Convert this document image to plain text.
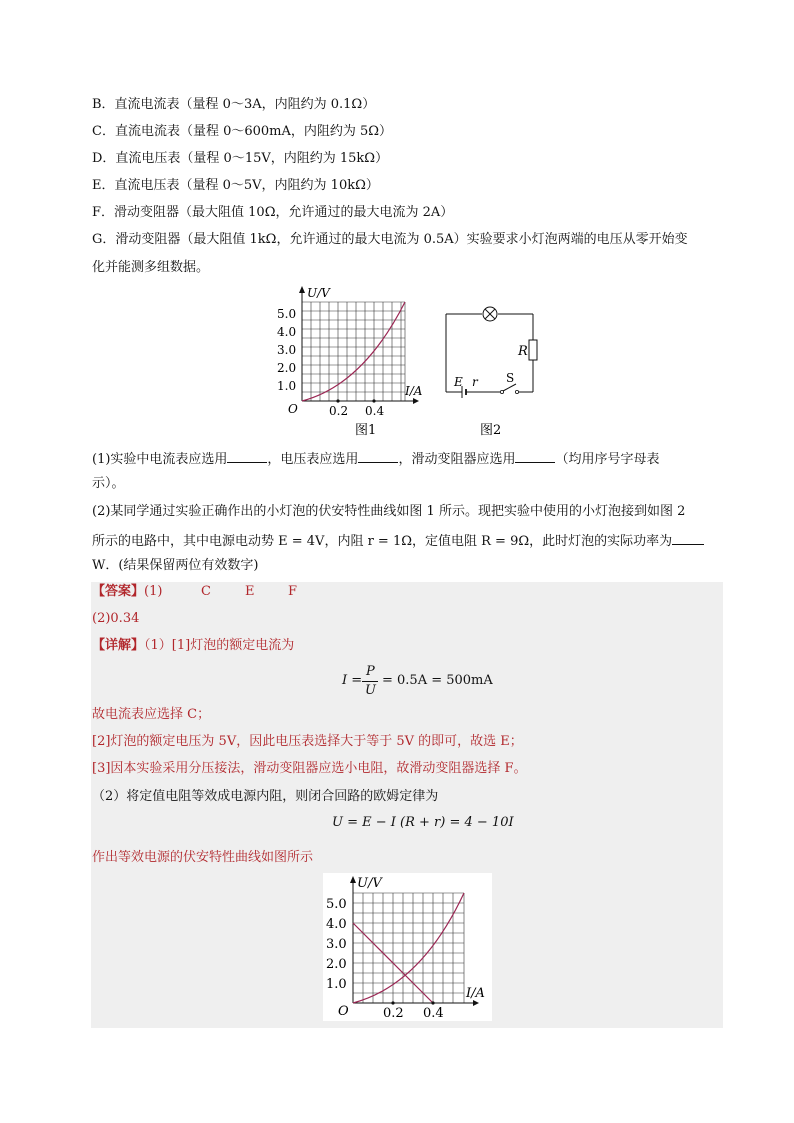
B．直流电流表（量程 0～3A，内阻约为 0.1Ω）
C．直流电流表（量程 0～600mA，内阻约为 5Ω）
D．直流电压表（量程 0～15V，内阻约为 15kΩ）
E．直流电压表（量程 0～5V，内阻约为 10kΩ）
F．滑动变阻器（最大阻值 10Ω，允许通过的最大电流为 2A）
G．滑动变阻器（最大阻值 1kΩ，允许通过的最大电流为 0.5A）实验要求小灯泡两端的电压从零开始变
化并能测多组数据。
U/V
I/A
O
5.0
4.0
3.0
2.0
1.0
0.2 0.4
图1
R
E r S
图2
(1)实验中电流表应选用	，电压表应选用	，滑动变阻器应选用	（均用序号字母表
示）。
(2)某同学通过实验正确作出的小灯泡的伏安特性曲线如图 1 所示。现把实验中使用的小灯泡接到如图 2
所示的电路中，其中电源电动势 E = 4V，内阻 r = 1Ω，定值电阻 R = 9Ω，此时灯泡的实际功率为
W．(结果保留两位有效数字)
【答案】(1)	C	E	F
(2)0.34
【详解】（1）[1]灯泡的额定电流为
I =
P
U
= 0.5A = 500mA
故电流表应选择 C；
[2]灯泡的额定电压为 5V，因此电压表选择大于等于 5V 的即可，故选 E；
[3]因本实验采用分压接法，滑动变阻器应选小电阻，故滑动变阻器选择 F。
（2）将定值电阻等效成电源内阻，则闭合回路的欧姆定律为
U = E − I (R + r) = 4 − 10I
作出等效电源的伏安特性曲线如图所示
U/V
I/A
O
5.0
4.0
3.0
2.0
1.0
0.2 0.4
